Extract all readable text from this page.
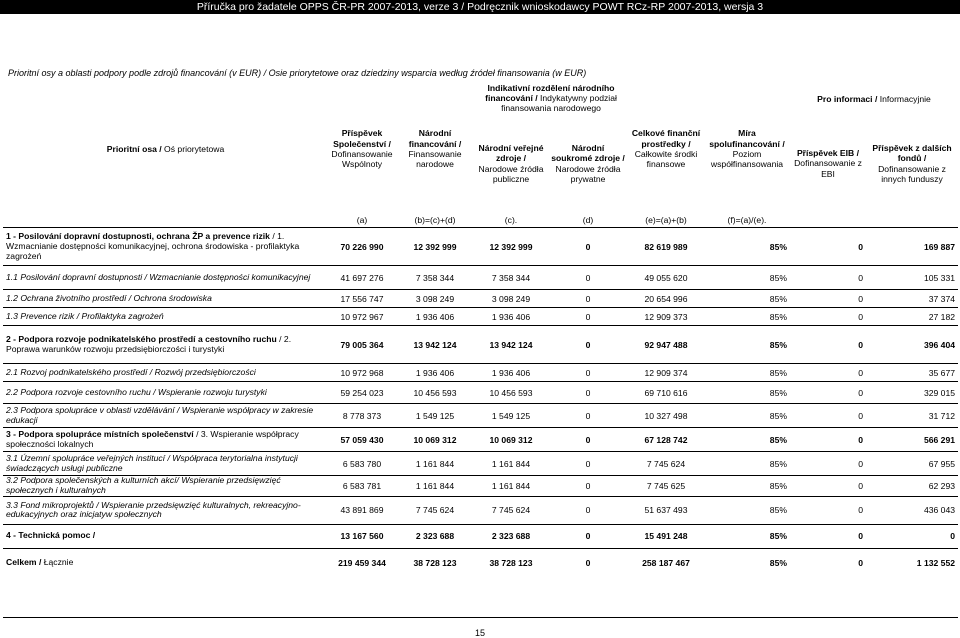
Příručka pro žadatele OPPS ČR-PR 2007-2013, verze 3 / Podręcznik wnioskodawcy POWT RCz-RP 2007-2013, wersja 3
Prioritní osy a oblasti podpory podle zdrojů financování (v EUR) / Osie priorytetowe oraz dziedziny wsparcia według źródeł finansowania (w EUR)
Prioritní osa / Oś priorytetowa	Příspěvek Společenství / Dofinansowanie Wspólnoty	Národní financování / Finansowanie narodowe	Indikativní rozdělení národního financování / Indykatywny podział finansowania narodowego		Celkové finanční prostředky / Całkowite środki finansowe	Míra spolufinancování / Poziom współfinansowania	Pro informaci / Informacyjnie	
			Národní veřejné zdroje / Narodowe źródła publiczne	Národní soukromé zdroje / Narodowe źródła prywatne			Příspěvek EIB / Dofinansowanie z EBI	Příspěvek z dalších fondů / Dofinansowanie z innych funduszy
	(a)	(b)=(c)+(d)	(c).	(d)	(e)=(a)+(b)	(f)=(a)/(e).		
1 - Posilování dopravní dostupnosti, ochrana ŽP a prevence rizik / 1. Wzmacnianie dostępności komunikacyjnej, ochrona środowiska - profilaktyka zagrożeń	70 226 990	12 392 999	12 392 999	0	82 619 989	85%	0	169 887
1.1 Posilování dopravní dostupnosti / Wzmacnianie dostępności komunikacyjnej	41 697 276	7 358 344	7 358 344	0	49 055 620	85%	0	105 331
1.2 Ochrana životního prostředí / Ochrona środowiska	17 556 747	3 098 249	3 098 249	0	20 654 996	85%	0	37 374
1.3 Prevence rizik / Profilaktyka zagrożeń	10 972 967	1 936 406	1 936 406	0	12 909 373	85%	0	27 182
2 - Podpora rozvoje podnikatelského prostředí a cestovního ruchu / 2. Poprawa warunków rozwoju przedsiębiorczości i turystyki	79 005 364	13 942 124	13 942 124	0	92 947 488	85%	0	396 404
2.1 Rozvoj podnikatelského prostředí / Rozwój przedsiębiorczości	10 972 968	1 936 406	1 936 406	0	12 909 374	85%	0	35 677
2.2 Podpora rozvoje cestovního ruchu / Wspieranie rozwoju turystyki	59 254 023	10 456 593	10 456 593	0	69 710 616	85%	0	329 015
2.3 Podpora spolupráce v oblasti vzdělávání / Wspieranie współpracy w zakresie edukacji	8 778 373	1 549 125	1 549 125	0	10 327 498	85%	0	31 712
3 - Podpora spolupráce místních společenství / 3. Wspieranie współpracy społeczności lokalnych	57 059 430	10 069 312	10 069 312	0	67 128 742	85%	0	566 291
3.1 Územní spolupráce veřejných institucí / Współpraca terytorialna instytucji świadczących usługi publiczne	6 583 780	1 161 844	1 161 844	0	7 745 624	85%	0	67 955
3.2 Podpora společenských a kulturních akcí/ Wspieranie przedsięwzięć społecznych i kulturalnych	6 583 781	1 161 844	1 161 844	0	7 745 625	85%	0	62 293
3.3 Fond mikroprojektů / Wspieranie przedsięwzięć kulturalnych, rekreacyjno-edukacyjnych oraz inicjatyw społecznych	43 891 869	7 745 624	7 745 624	0	51 637 493	85%	0	436 043
4 - Technická pomoc /	13 167 560	2 323 688	2 323 688	0	15 491 248	85%	0	0
Celkem / Łącznie	219 459 344	38 728 123	38 728 123	0	258 187 467	85%	0	1 132 552
15
